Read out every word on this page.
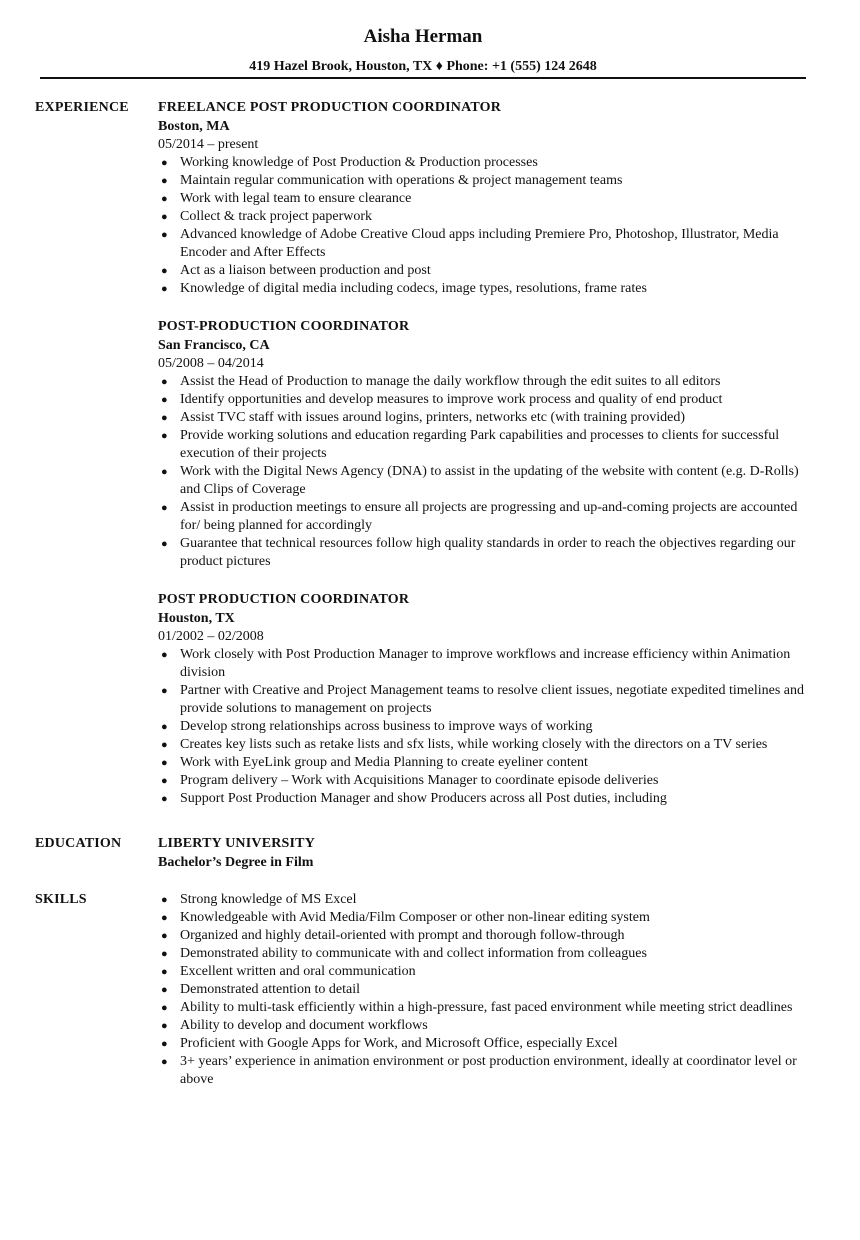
Aisha Herman
419 Hazel Brook, Houston, TX ♦ Phone: +1 (555) 124 2648
EXPERIENCE	FREELANCE POST PRODUCTION COORDINATOR
Boston, MA
05/2014 – present
● Working knowledge of Post Production & Production processes
● Maintain regular communication with operations & project management teams
● Work with legal team to ensure clearance
● Collect & track project paperwork
● Advanced knowledge of Adobe Creative Cloud apps including Premiere Pro, Photoshop, Illustrator, Media Encoder and After Effects
● Act as a liaison between production and post
● Knowledge of digital media including codecs, image types, resolutions, frame rates
POST-PRODUCTION COORDINATOR
San Francisco, CA
05/2008 – 04/2014
● Assist the Head of Production to manage the daily workflow through the edit suites to all editors
● Identify opportunities and develop measures to improve work process and quality of end product
● Assist TVC staff with issues around logins, printers, networks etc (with training provided)
● Provide working solutions and education regarding Park capabilities and processes to clients for successful execution of their projects
● Work with the Digital News Agency (DNA) to assist in the updating of the website with content (e.g. D-Rolls) and Clips of Coverage
● Assist in production meetings to ensure all projects are progressing and up-and-coming projects are accounted for/ being planned for accordingly
● Guarantee that technical resources follow high quality standards in order to reach the objectives regarding our product pictures
POST PRODUCTION COORDINATOR
Houston, TX
01/2002 – 02/2008
● Work closely with Post Production Manager to improve workflows and increase efficiency within Animation division
● Partner with Creative and Project Management teams to resolve client issues, negotiate expedited timelines and provide solutions to management on projects
● Develop strong relationships across business to improve ways of working
● Creates key lists such as retake lists and sfx lists, while working closely with the directors on a TV series
● Work with EyeLink group and Media Planning to create eyeliner content
● Program delivery – Work with Acquisitions Manager to coordinate episode deliveries
● Support Post Production Manager and show Producers across all Post duties, including
EDUCATION	LIBERTY UNIVERSITY
Bachelor’s Degree in Film
SKILLS	● Strong knowledge of MS Excel
● Knowledgeable with Avid Media/Film Composer or other non-linear editing system
● Organized and highly detail-oriented with prompt and thorough follow-through
● Demonstrated ability to communicate with and collect information from colleagues
● Excellent written and oral communication
● Demonstrated attention to detail
● Ability to multi-task efficiently within a high-pressure, fast paced environment while meeting strict deadlines
● Ability to develop and document workflows
● Proficient with Google Apps for Work, and Microsoft Office, especially Excel
● 3+ years’ experience in animation environment or post production environment, ideally at coordinator level or above
